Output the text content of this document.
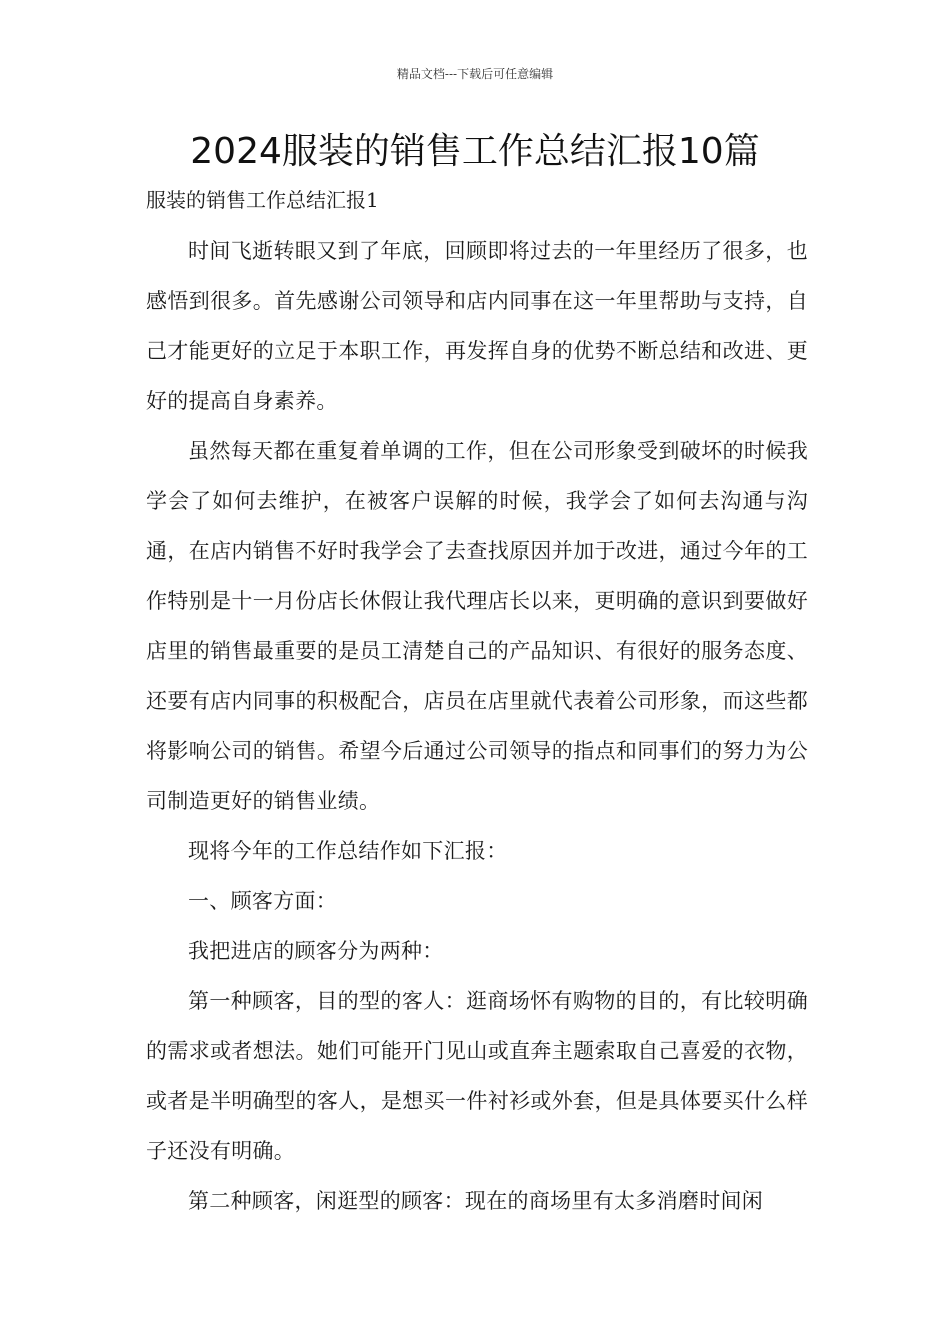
精品文档---下载后可任意编辑
2024服装的销售工作总结汇报10篇

服装的销售工作总结汇报1

时间飞逝转眼又到了年底，回顾即将过去的一年里经历了很多，也感悟到很多。首先感谢公司领导和店内同事在这一年里帮助与支持，自己才能更好的立足于本职工作，再发挥自身的优势不断总结和改进、更好的提高自身素养。

虽然每天都在重复着单调的工作，但在公司形象受到破坏的时候我学会了如何去维护，在被客户误解的时候，我学会了如何去沟通与沟通，在店内销售不好时我学会了去查找原因并加于改进，通过今年的工作特别是十一月份店长休假让我代理店长以来，更明确的意识到要做好店里的销售最重要的是员工清楚自己的产品知识、有很好的服务态度、还要有店内同事的积极配合，店员在店里就代表着公司形象，而这些都将影响公司的销售。希望今后通过公司领导的指点和同事们的努力为公司制造更好的销售业绩。

现将今年的工作总结作如下汇报：

一、顾客方面：

我把进店的顾客分为两种：

第一种顾客，目的型的客人：逛商场怀有购物的目的，有比较明确的需求或者想法。她们可能开门见山或直奔主题索取自己喜爱的衣物，或者是半明确型的客人，是想买一件衬衫或外套，但是具体要买什么样子还没有明确。

第二种顾客，闲逛型的顾客：现在的商场里有太多消磨时间闲
